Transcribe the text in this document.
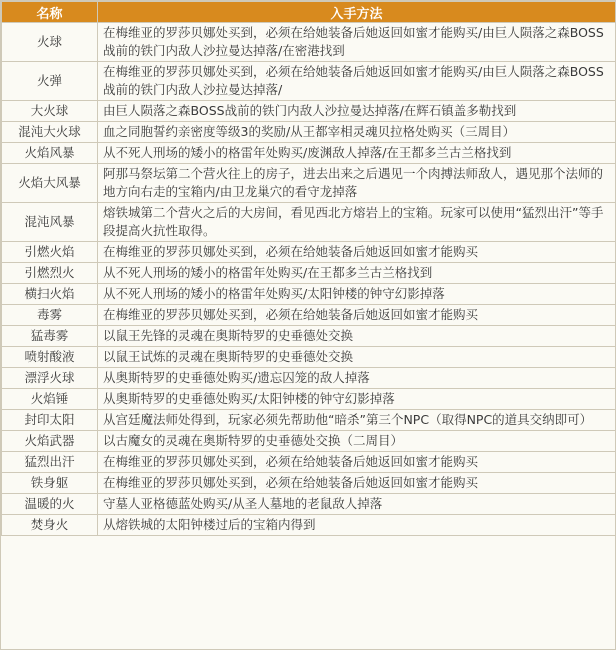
名称	入手方法
火球	在梅维亚的罗莎贝娜处买到，必须在给她装备后她返回如蜜才能购买/由巨人陨落之森BOSS战前的铁门内敌人沙拉曼达掉落/在密港找到
火弹	在梅维亚的罗莎贝娜处买到，必须在给她装备后她返回如蜜才能购买/由巨人陨落之森BOSS战前的铁门内敌人沙拉曼达掉落/
大火球	由巨人陨落之森BOSS战前的铁门内敌人沙拉曼达掉落/在辉石镇盖多勒找到
混沌大火球	血之同胞誓约亲密度等级3的奖励/从王都宰相灵魂贝拉格处购买（三周目）
火焰风暴	从不死人刑场的矮小的格雷年处购买/废渊敌人掉落/在王都多兰古兰格找到
火焰大风暴	阿那马祭坛第二个营火往上的房子，进去出来之后遇见一个肉搏法师敌人，遇见那个法师的地方向右走的宝箱内/由卫龙巢穴的看守龙掉落
混沌风暴	熔铁城第二个营火之后的大房间，看见西北方熔岩上的宝箱。玩家可以使用“猛烈出汗”等手段提高火抗性取得。
引燃火焰	在梅维亚的罗莎贝娜处买到，必须在给她装备后她返回如蜜才能购买
引燃烈火	从不死人刑场的矮小的格雷年处购买/在王都多兰古兰格找到
横扫火焰	从不死人刑场的矮小的格雷年处购买/太阳钟楼的钟守幻影掉落
毒雾	在梅维亚的罗莎贝娜处买到，必须在给她装备后她返回如蜜才能购买
猛毒雾	以鼠王先锋的灵魂在奥斯特罗的史垂德处交换
喷射酸液	以鼠王试炼的灵魂在奥斯特罗的史垂德处交换
漂浮火球	从奥斯特罗的史垂德处购买/遗忘囚笼的敌人掉落
火焰锤	从奥斯特罗的史垂德处购买/太阳钟楼的钟守幻影掉落
封印太阳	从宫廷魔法师处得到，玩家必须先帮助他“暗杀”第三个NPC（取得NPC的道具交纳即可）
火焰武器	以古魔女的灵魂在奥斯特罗的史垂德处交换（二周目）
猛烈出汗	在梅维亚的罗莎贝娜处买到，必须在给她装备后她返回如蜜才能购买
铁身躯	在梅维亚的罗莎贝娜处买到，必须在给她装备后她返回如蜜才能购买
温暖的火	守墓人亚格德蓝处购买/从圣人墓地的老鼠敌人掉落
焚身火	从熔铁城的太阳钟楼过后的宝箱内得到
